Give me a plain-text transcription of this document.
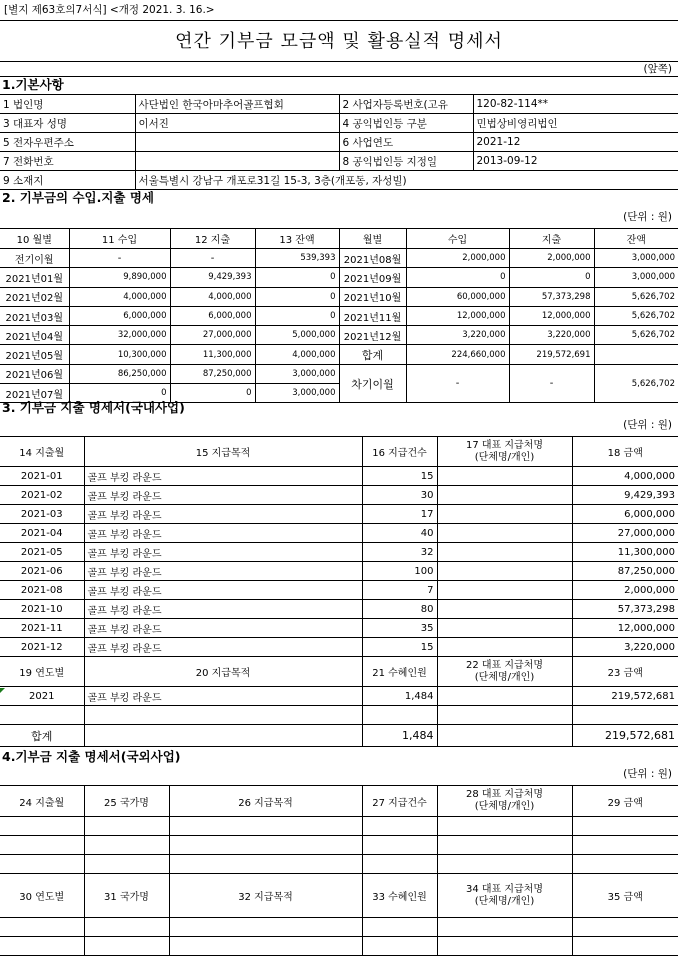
[별지 제63호의7서식] <개정 2021. 3. 16.>
연간 기부금 모금액 및 활용실적 명세서
(앞쪽)
1.기본사항
1 법인명	사단법인 한국아마추어골프협회	2 사업자등록번호(고유	120-82-114**
3 대표자 성명	이서진	4 공익법인등 구분	민법상비영리법인
5 전자우편주소		6 사업연도	2021-12
7 전화번호		8 공익법인등 지정일	2013-09-12
9 소재지	서울특별시 강남구 개포로31길 15-3, 3층(개포동, 자성빌)		
2. 기부금의 수입.지출 명세
(단위 : 원)
10 월별	11 수입	12 지출	13 잔액	월별	수입	지출	잔액
전기이월	-	-	539,393	2021년08월	2,000,000	2,000,000	3,000,000
2021년01월	9,890,000	9,429,393	0	2021년09월	0	0	3,000,000
2021년02월	4,000,000	4,000,000	0	2021년10월	60,000,000	57,373,298	5,626,702
2021년03월	6,000,000	6,000,000	0	2021년11월	12,000,000	12,000,000	5,626,702
2021년04월	32,000,000	27,000,000	5,000,000	2021년12월	3,220,000	3,220,000	5,626,702
2021년05월	10,300,000	11,300,000	4,000,000	합계	224,660,000	219,572,691	
2021년06월	86,250,000	87,250,000	3,000,000	차기이월	-	-	5,626,702
2021년07월	0	0	3,000,000				
3. 기부금 지출 명세서(국내사업)
(단위 : 원)
14 지출월	15 지급목적	16 지급건수	17 대표 지급처명
(단체명/개인)	18 금액
2021-01	골프 부킹 라운드	15		4,000,000
2021-02	골프 부킹 라운드	30		9,429,393
2021-03	골프 부킹 라운드	17		6,000,000
2021-04	골프 부킹 라운드	40		27,000,000
2021-05	골프 부킹 라운드	32		11,300,000
2021-06	골프 부킹 라운드	100		87,250,000
2021-08	골프 부킹 라운드	7		2,000,000
2021-10	골프 부킹 라운드	80		57,373,298
2021-11	골프 부킹 라운드	35		12,000,000
2021-12	골프 부킹 라운드	15		3,220,000
19 연도별	20 지급목적	21 수혜인원	22 대표 지급처명
(단체명/개인)	23 금액
2021	골프 부킹 라운드	1,484		219,572,681

합계		1,484		219,572,681
4.기부금 지출 명세서(국외사업)
(단위 : 원)
24 지출월	25 국가명	26 지급목적	27 지급건수	28 대표 지급처명
(단체명/개인)	29 금액

30 연도별	31 국가명	32 지급목적	33 수혜인원	34 대표 지급처명
(단체명/개인)	35 금액
